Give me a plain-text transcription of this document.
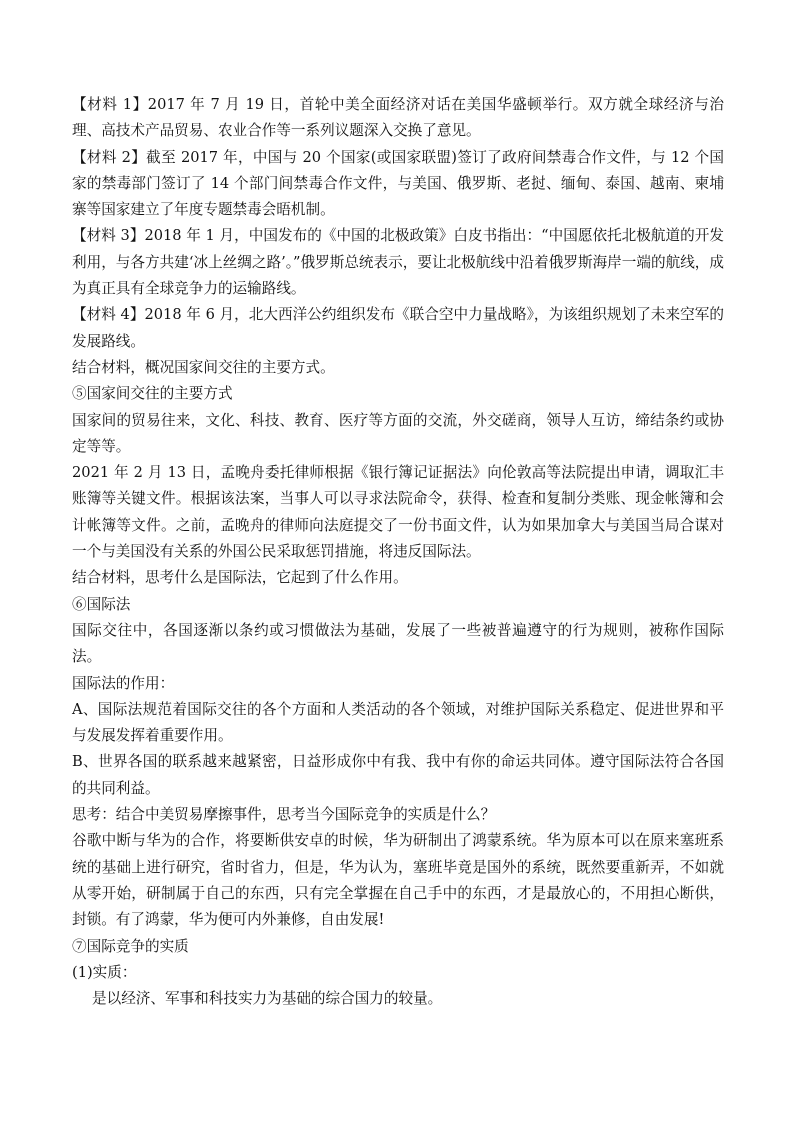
【材料 1】2017 年 7 月 19 日，首轮中美全面经济对话在美国华盛顿举行。双方就全球经济与治理、高技术产品贸易、农业合作等一系列议题深入交换了意见。

【材料 2】截至 2017 年，中国与 20 个国家(或国家联盟)签订了政府间禁毒合作文件，与 12 个国家的禁毒部门签订了 14 个部门间禁毒合作文件，与美国、俄罗斯、老挝、缅甸、泰国、越南、柬埔寨等国家建立了年度专题禁毒会晤机制。

【材料 3】2018 年 1 月，中国发布的《中国的北极政策》白皮书指出：“中国愿依托北极航道的开发利用，与各方共建‘冰上丝绸之路’。”俄罗斯总统表示，要让北极航线中沿着俄罗斯海岸一端的航线，成为真正具有全球竞争力的运输路线。

【材料 4】2018 年 6 月，北大西洋公约组织发布《联合空中力量战略》，为该组织规划了未来空军的发展路线。

结合材料，概况国家间交往的主要方式。

⑤国家间交往的主要方式

国家间的贸易往来，文化、科技、教育、医疗等方面的交流，外交磋商，领导人互访，缔结条约或协定等等。

2021 年 2 月 13 日，孟晚舟委托律师根据《银行簿记证据法》向伦敦高等法院提出申请，调取汇丰账簿等关键文件。根据该法案，当事人可以寻求法院命令，获得、检查和复制分类账、现金帐簿和会计帐簿等文件。之前，孟晚舟的律师向法庭提交了一份书面文件，认为如果加拿大与美国当局合谋对一个与美国没有关系的外国公民采取惩罚措施，将违反国际法。

结合材料，思考什么是国际法，它起到了什么作用。

⑥国际法

国际交往中，各国逐渐以条约或习惯做法为基础，发展了一些被普遍遵守的行为规则，被称作国际法。

国际法的作用：

A、国际法规范着国际交往的各个方面和人类活动的各个领域，对维护国际关系稳定、促进世界和平与发展发挥着重要作用。

B、世界各国的联系越来越紧密，日益形成你中有我、我中有你的命运共同体。遵守国际法符合各国的共同利益。

思考：结合中美贸易摩擦事件，思考当今国际竞争的实质是什么？

谷歌中断与华为的合作，将要断供安卓的时候，华为研制出了鸿蒙系统。华为原本可以在原来塞班系统的基础上进行研究，省时省力，但是，华为认为，塞班毕竟是国外的系统，既然要重新弄，不如就从零开始，研制属于自己的东西，只有完全掌握在自己手中的东西，才是最放心的，不用担心断供，封锁。有了鸿蒙，华为便可内外兼修，自由发展!

⑦国际竞争的实质

(1)实质：

是以经济、军事和科技实力为基础的综合国力的较量。
